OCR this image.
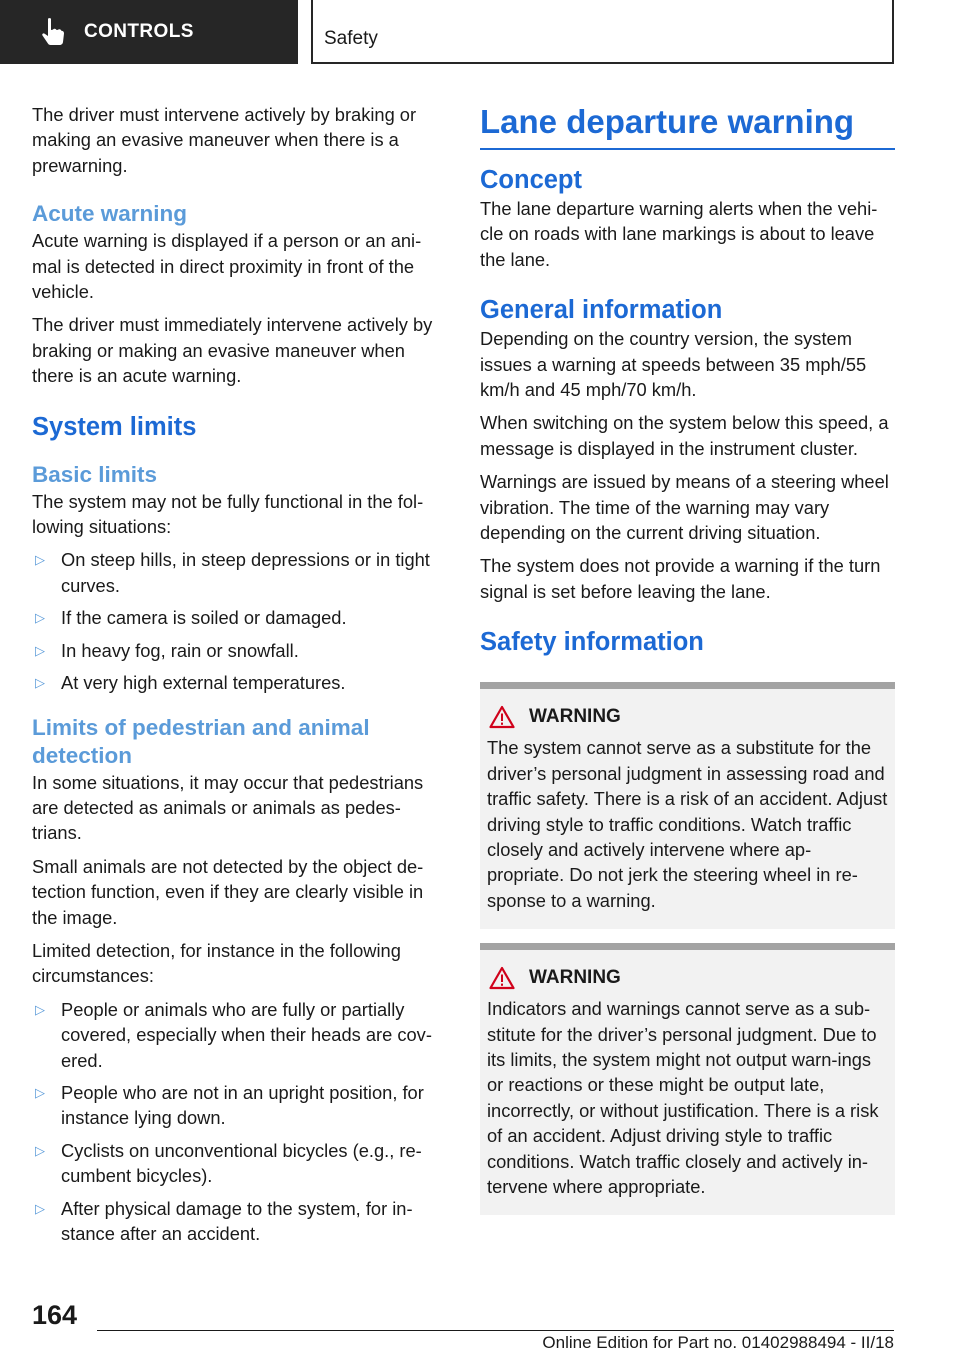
CONTROLS	Safety

The driver must intervene actively by braking or making an evasive maneuver when there is a prewarning.

Acute warning

Acute warning is displayed if a person or an ani-mal is detected in direct proximity in front of the vehicle.

The driver must immediately intervene actively by braking or making an evasive maneuver when there is an acute warning.

System limits
Basic limits

The system may not be fully functional in the fol-lowing situations:

▷ On steep hills, in steep depressions or in tight curves.
▷ If the camera is soiled or damaged.
▷ In heavy fog, rain or snowfall.
▷ At very high external temperatures.
Limits of pedestrian and animal detection

In some situations, it may occur that pedestrians are detected as animals or animals as pedes-trians.

Small animals are not detected by the object de-tection function, even if they are clearly visible in the image.

Limited detection, for instance in the following circumstances:

▷ People or animals who are fully or partially covered, especially when their heads are cov-ered.
▷ People who are not in an upright position, for instance lying down.
▷ Cyclists on unconventional bicycles (e.g., re-cumbent bicycles).
▷ After physical damage to the system, for in-stance after an accident.
Lane departure warning
Concept

The lane departure warning alerts when the vehi-cle on roads with lane markings is about to leave the lane.

General information

Depending on the country version, the system issues a warning at speeds between 35 mph/55 km/h and 45 mph/70 km/h.

When switching on the system below this speed, a message is displayed in the instrument cluster.

Warnings are issued by means of a steering wheel vibration. The time of the warning may vary depending on the current driving situation.

The system does not provide a warning if the turn signal is set before leaving the lane.

Safety information
WARNING

The system cannot serve as a substitute for the driver’s personal judgment in assessing road and traffic safety. There is a risk of an accident. Adjust driving style to traffic conditions. Watch traffic closely and actively intervene where ap-propriate. Do not jerk the steering wheel in re-sponse to a warning.

WARNING

Indicators and warnings cannot serve as a sub-stitute for the driver’s personal judgment. Due to its limits, the system might not output warn-ings or reactions or these might be output late, incorrectly, or without justification. There is a risk of an accident. Adjust driving style to traffic conditions. Watch traffic closely and actively in-tervene where appropriate.

164
Online Edition for Part no. 01402988494 - II/18
